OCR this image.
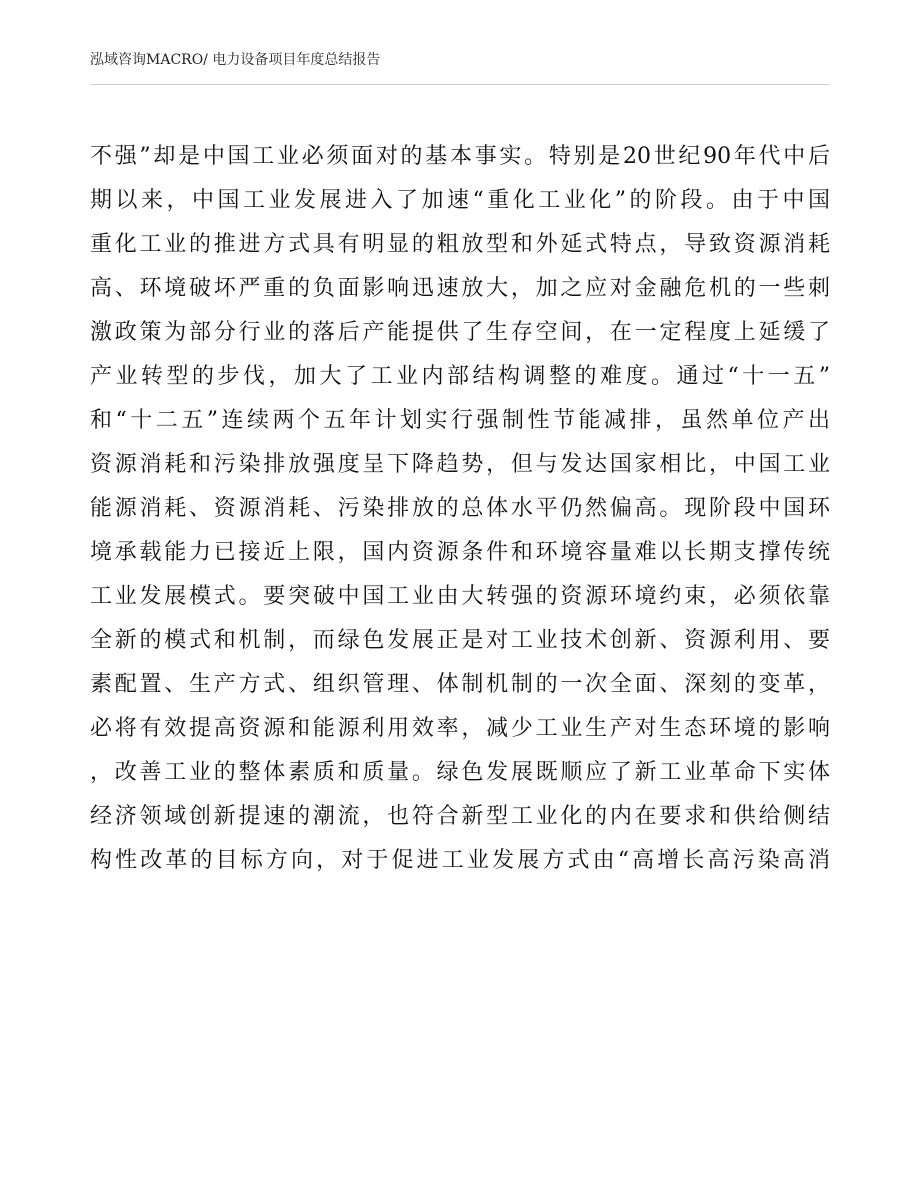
泓域咨询MACRO/ 电力设备项目年度总结报告
不强”却是中国工业必须面对的基本事实。特别是20世纪90年代中后
期以来，中国工业发展进入了加速“重化工业化”的阶段。由于中国
重化工业的推进方式具有明显的粗放型和外延式特点，导致资源消耗
高、环境破坏严重的负面影响迅速放大，加之应对金融危机的一些刺
激政策为部分行业的落后产能提供了生存空间，在一定程度上延缓了
产业转型的步伐，加大了工业内部结构调整的难度。通过“十一五”
和“十二五”连续两个五年计划实行强制性节能减排，虽然单位产出
资源消耗和污染排放强度呈下降趋势，但与发达国家相比，中国工业
能源消耗、资源消耗、污染排放的总体水平仍然偏高。现阶段中国环
境承载能力已接近上限，国内资源条件和环境容量难以长期支撑传统
工业发展模式。要突破中国工业由大转强的资源环境约束，必须依靠
全新的模式和机制，而绿色发展正是对工业技术创新、资源利用、要
素配置、生产方式、组织管理、体制机制的一次全面、深刻的变革，
必将有效提高资源和能源利用效率，减少工业生产对生态环境的影响
，改善工业的整体素质和质量。绿色发展既顺应了新工业革命下实体
经济领域创新提速的潮流，也符合新型工业化的内在要求和供给侧结
构性改革的目标方向，对于促进工业发展方式由“高增长高污染高消
